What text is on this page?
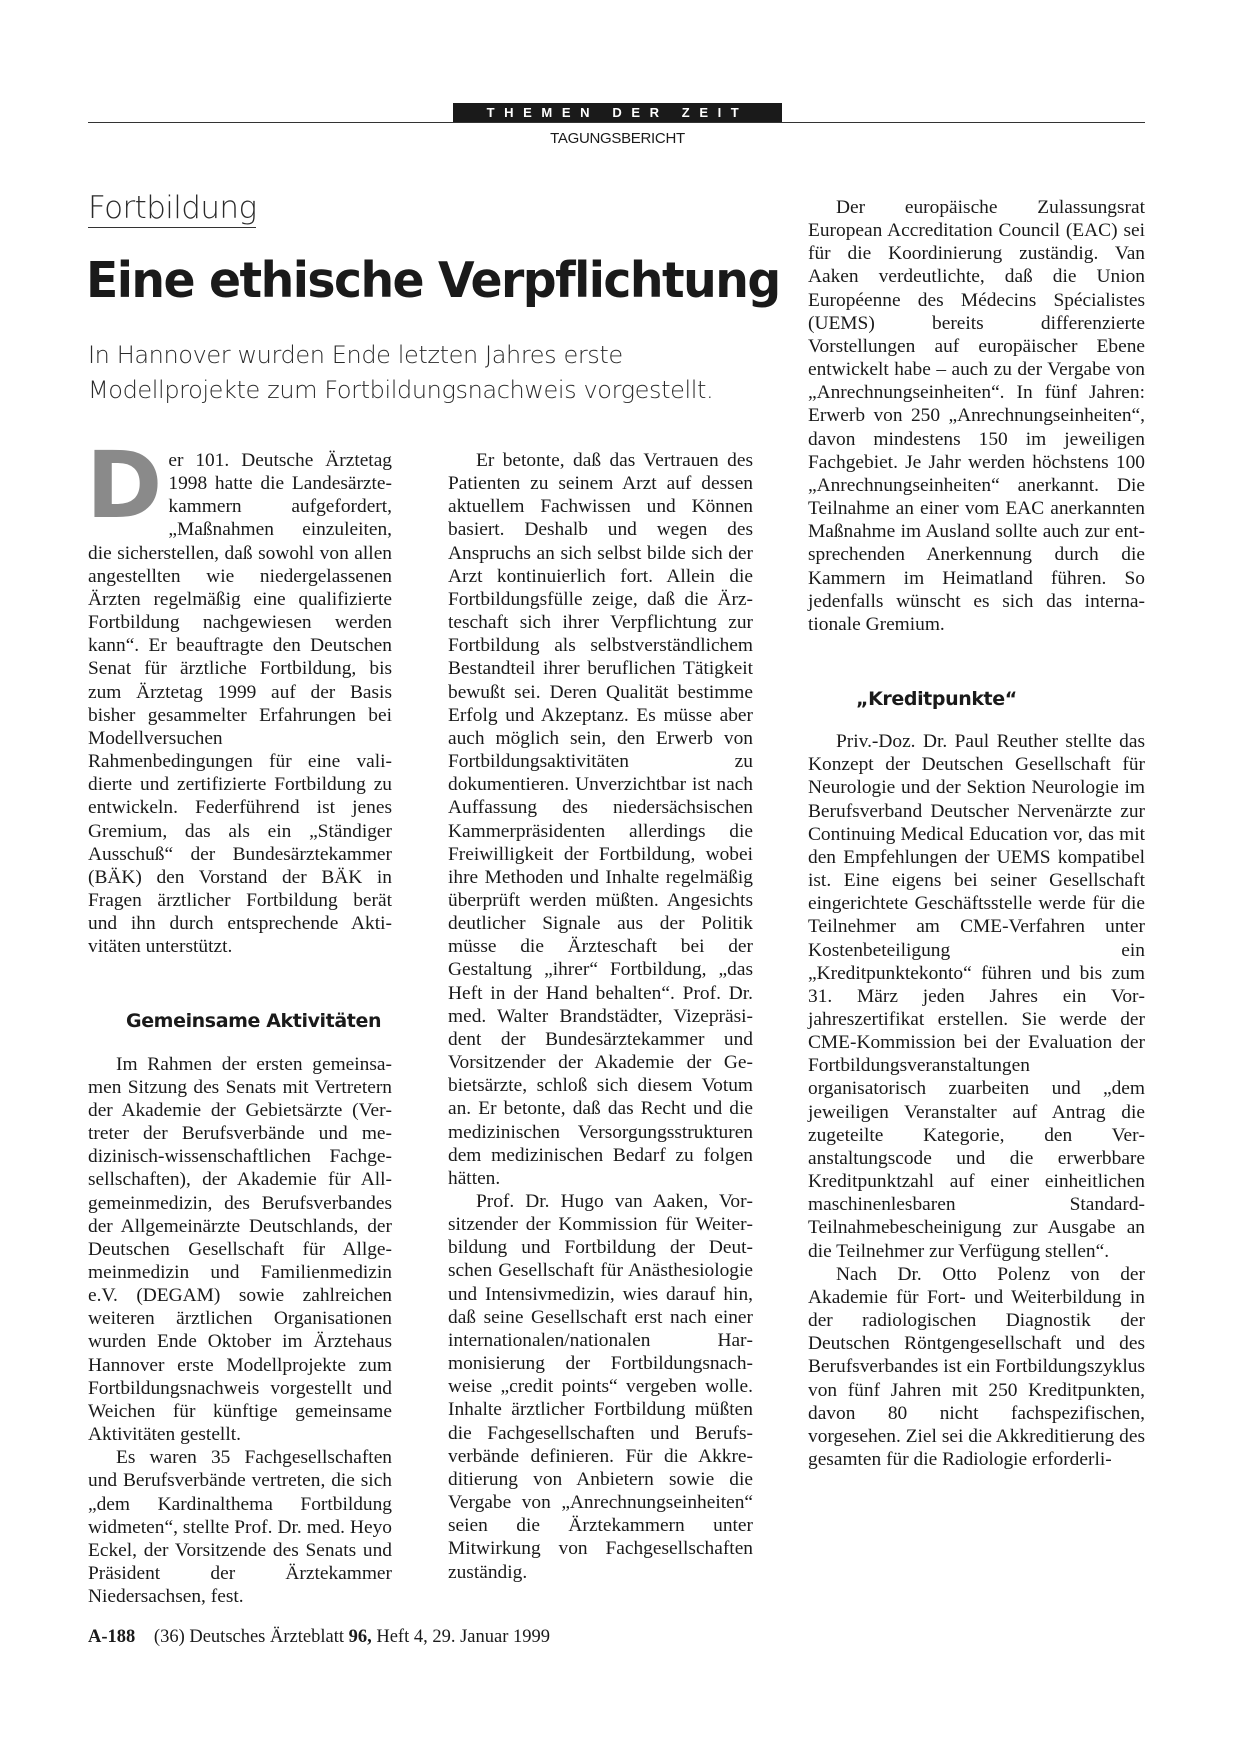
THEMEN DER ZEIT
TAGUNGSBERICHT
Fortbildung
Eine ethische Verpflichtung
In Hannover wurden Ende letzten Jahres erste Modellprojekte zum Fortbildungsnachweis vorgestellt.
D er 101. Deutsche Ärztetag 1998 hatte die Landesärztekammern aufgefordert, „Maßnahmen einzuleiten, die sicherstellen, daß sowohl von allen angestellten wie niedergelassenen Ärzten regelmäßig eine qualifizierte Fortbildung nachgewiesen werden kann“. Er beauftragte den Deutschen Senat für ärztliche Fortbildung, bis zum Ärztetag 1999 auf der Basis bisher gesammelter Erfahrungen bei Modellversuchen Rahmenbedingungen für eine validierte und zertifizierte Fortbildung zu entwickeln. Federführend ist jenes Gremium, das als ein „Ständiger Ausschuß“ der Bundesärztekammer (BÄK) den Vorstand der BÄK in Fragen ärztlicher Fortbildung berät und ihn durch entsprechende Aktivitäten unterstützt.

Gemeinsame Aktivitäten

Im Rahmen der ersten gemeinsamen Sitzung des Senats mit Vertretern der Akademie der Gebietsärzte (Vertreter der Berufsverbände und medizinisch-wissenschaftlichen Fachgesellschaften), der Akademie für Allgemeinmedizin, des Berufsverbandes der Allgemeinärzte Deutschlands, der Deutschen Gesellschaft für Allgemeinmedizin und Familienmedizin e.V. (DEGAM) sowie zahlreichen weiteren ärztlichen Organisationen wurden Ende Oktober im Ärztehaus Hannover erste Modellprojekte zum Fortbildungsnachweis vorgestellt und Weichen für künftige gemeinsame Aktivitäten gestellt.

Es waren 35 Fachgesellschaften und Berufsverbände vertreten, die sich „dem Kardinalthema Fortbildung widmeten“, stellte Prof. Dr. med. Heyo Eckel, der Vorsitzende des Senats und Präsident der Ärztekammer Niedersachsen, fest.

Er betonte, daß das Vertrauen des Patienten zu seinem Arzt auf dessen aktuellem Fachwissen und Können basiert. Deshalb und wegen des Anspruchs an sich selbst bilde sich der Arzt kontinuierlich fort. Allein die Fortbildungsfülle zeige, daß die Ärzteschaft sich ihrer Verpflichtung zur Fortbildung als selbstverständlichem Bestandteil ihrer beruflichen Tätigkeit bewußt sei. Deren Qualität bestimme Erfolg und Akzeptanz. Es müsse aber auch möglich sein, den Erwerb von Fortbildungsaktivitäten zu dokumentieren. Unverzichtbar ist nach Auffassung des niedersächsischen Kammerpräsidenten allerdings die Freiwilligkeit der Fortbildung, wobei ihre Methoden und Inhalte regelmäßig überprüft werden müßten. Angesichts deutlicher Signale aus der Politik müsse die Ärzteschaft bei der Gestaltung „ihrer“ Fortbildung, „das Heft in der Hand behalten“. Prof. Dr. med. Walter Brandstädter, Vizepräsident der Bundesärztekammer und Vorsitzender der Akademie der Gebietsärzte, schloß sich diesem Votum an. Er betonte, daß das Recht und die medizinischen Versorgungsstrukturen dem medizinischen Bedarf zu folgen hätten.

Prof. Dr. Hugo van Aaken, Vorsitzender der Kommission für Weiterbildung und Fortbildung der Deutschen Gesellschaft für Anästhesiologie und Intensivmedizin, wies darauf hin, daß seine Gesellschaft erst nach einer internationalen/nationalen Harmonisierung der Fortbildungsnachweise „credit points“ vergeben wolle. Inhalte ärztlicher Fortbildung müßten die Fachgesellschaften und Berufsverbände definieren. Für die Akkreditierung von Anbietern sowie die Vergabe von „Anrechnungseinheiten“ seien die Ärztekammern unter Mitwirkung von Fachgesellschaften zuständig.

Der europäische Zulassungsrat European Accreditation Council (EAC) sei für die Koordinierung zuständig. Van Aaken verdeutlichte, daß die Union Européenne des Médecins Spécialistes (UEMS) bereits differenzierte Vorstellungen auf europäischer Ebene entwickelt habe – auch zu der Vergabe von „Anrechnungseinheiten“. In fünf Jahren: Erwerb von 250 „Anrechnungseinheiten“, davon mindestens 150 im jeweiligen Fachgebiet. Je Jahr werden höchstens 100 „Anrechnungseinheiten“ anerkannt. Die Teilnahme an einer vom EAC anerkannten Maßnahme im Ausland sollte auch zur entsprechenden Anerkennung durch die Kammern im Heimatland führen. So jedenfalls wünscht es sich das internationale Gremium.

„Kreditpunkte“

Priv.-Doz. Dr. Paul Reuther stellte das Konzept der Deutschen Gesellschaft für Neurologie und der Sektion Neurologie im Berufsverband Deutscher Nervenärzte zur Continuing Medical Education vor, das mit den Empfehlungen der UEMS kompatibel ist. Eine eigens bei seiner Gesellschaft eingerichtete Geschäftsstelle werde für die Teilnehmer am CME-Verfahren unter Kostenbeteiligung ein „Kreditpunktekonto“ führen und bis zum 31. März jeden Jahres ein Vorjahreszertifikat erstellen. Sie werde der CME-Kommission bei der Evaluation der Fortbildungsveranstaltungen organisatorisch zuarbeiten und „dem jeweiligen Veranstalter auf Antrag die zugeteilte Kategorie, den Veranstaltungscode und die erwerbbare Kreditpunktzahl auf einer einheitlichen maschinenlesbaren Standard-Teilnahmebescheinigung zur Ausgabe an die Teilnehmer zur Verfügung stellen“.

Nach Dr. Otto Polenz von der Akademie für Fort- und Weiterbildung in der radiologischen Diagnostik der Deutschen Röntgengesellschaft und des Berufsverbandes ist ein Fortbildungszyklus von fünf Jahren mit 250 Kreditpunkten, davon 80 nicht fachspezifischen, vorgesehen. Ziel sei die Akkreditierung des gesamten für die Radiologie erforderli-

A-188 (36) Deutsches Ärzteblatt 96, Heft 4, 29. Januar 1999
